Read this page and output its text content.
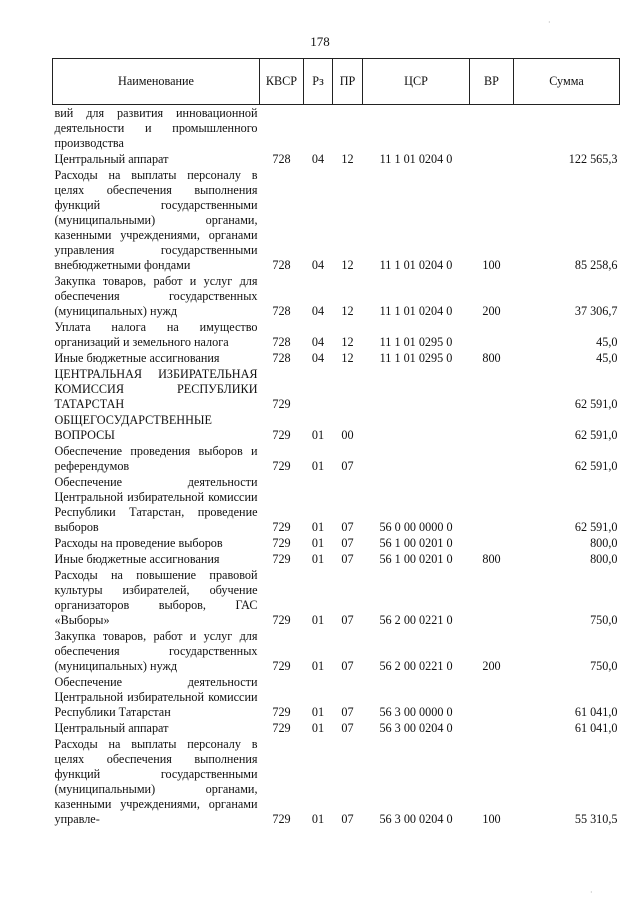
178
Наименование	КВСР	Рз	ПР	ЦСР	ВР	Сумма
вий для развития инновационной деятельности и промышленного производства						
Центральный аппарат	728	04	12	11 1 01 0204 0		122 565,3
Расходы на выплаты персоналу в целях обеспечения выполнения функций государственными (муниципальными) органами, казенными учреждениями, органами управления государственными внебюджетными фондами	728	04	12	11 1 01 0204 0	100	85 258,6
Закупка товаров, работ и услуг для обеспечения государственных (муниципальных) нужд	728	04	12	11 1 01 0204 0	200	37 306,7
Уплата налога на имущество организаций и земельного налога	728	04	12	11 1 01 0295 0		45,0
Иные бюджетные ассигнования	728	04	12	11 1 01 0295 0	800	45,0
ЦЕНТРАЛЬНАЯ ИЗБИРАТЕЛЬНАЯ КОМИССИЯ РЕСПУБЛИКИ ТАТАРСТАН	729					62 591,0
ОБЩЕГОСУДАРСТВЕННЫЕ ВОПРОСЫ	729	01	00			62 591,0
Обеспечение проведения выборов и референдумов	729	01	07			62 591,0
Обеспечение деятельности Центральной избирательной комиссии Республики Татарстан, проведение выборов	729	01	07	56 0 00 0000 0		62 591,0
Расходы на проведение выборов	729	01	07	56 1 00 0201 0		800,0
Иные бюджетные ассигнования	729	01	07	56 1 00 0201 0	800	800,0
Расходы на повышение правовой культуры избирателей, обучение организаторов выборов, ГАС «Выборы»	729	01	07	56 2 00 0221 0		750,0
Закупка товаров, работ и услуг для обеспечения государственных (муниципальных) нужд	729	01	07	56 2 00 0221 0	200	750,0
Обеспечение деятельности Центральной избирательной комиссии Республики Татарстан	729	01	07	56 3 00 0000 0		61 041,0
Центральный аппарат	729	01	07	56 3 00 0204 0		61 041,0
Расходы на выплаты персоналу в целях обеспечения выполнения функций государственными (муниципальными) органами, казенными учреждениями, органами управле-	729	01	07	56 3 00 0204 0	100	55 310,5
·
·
